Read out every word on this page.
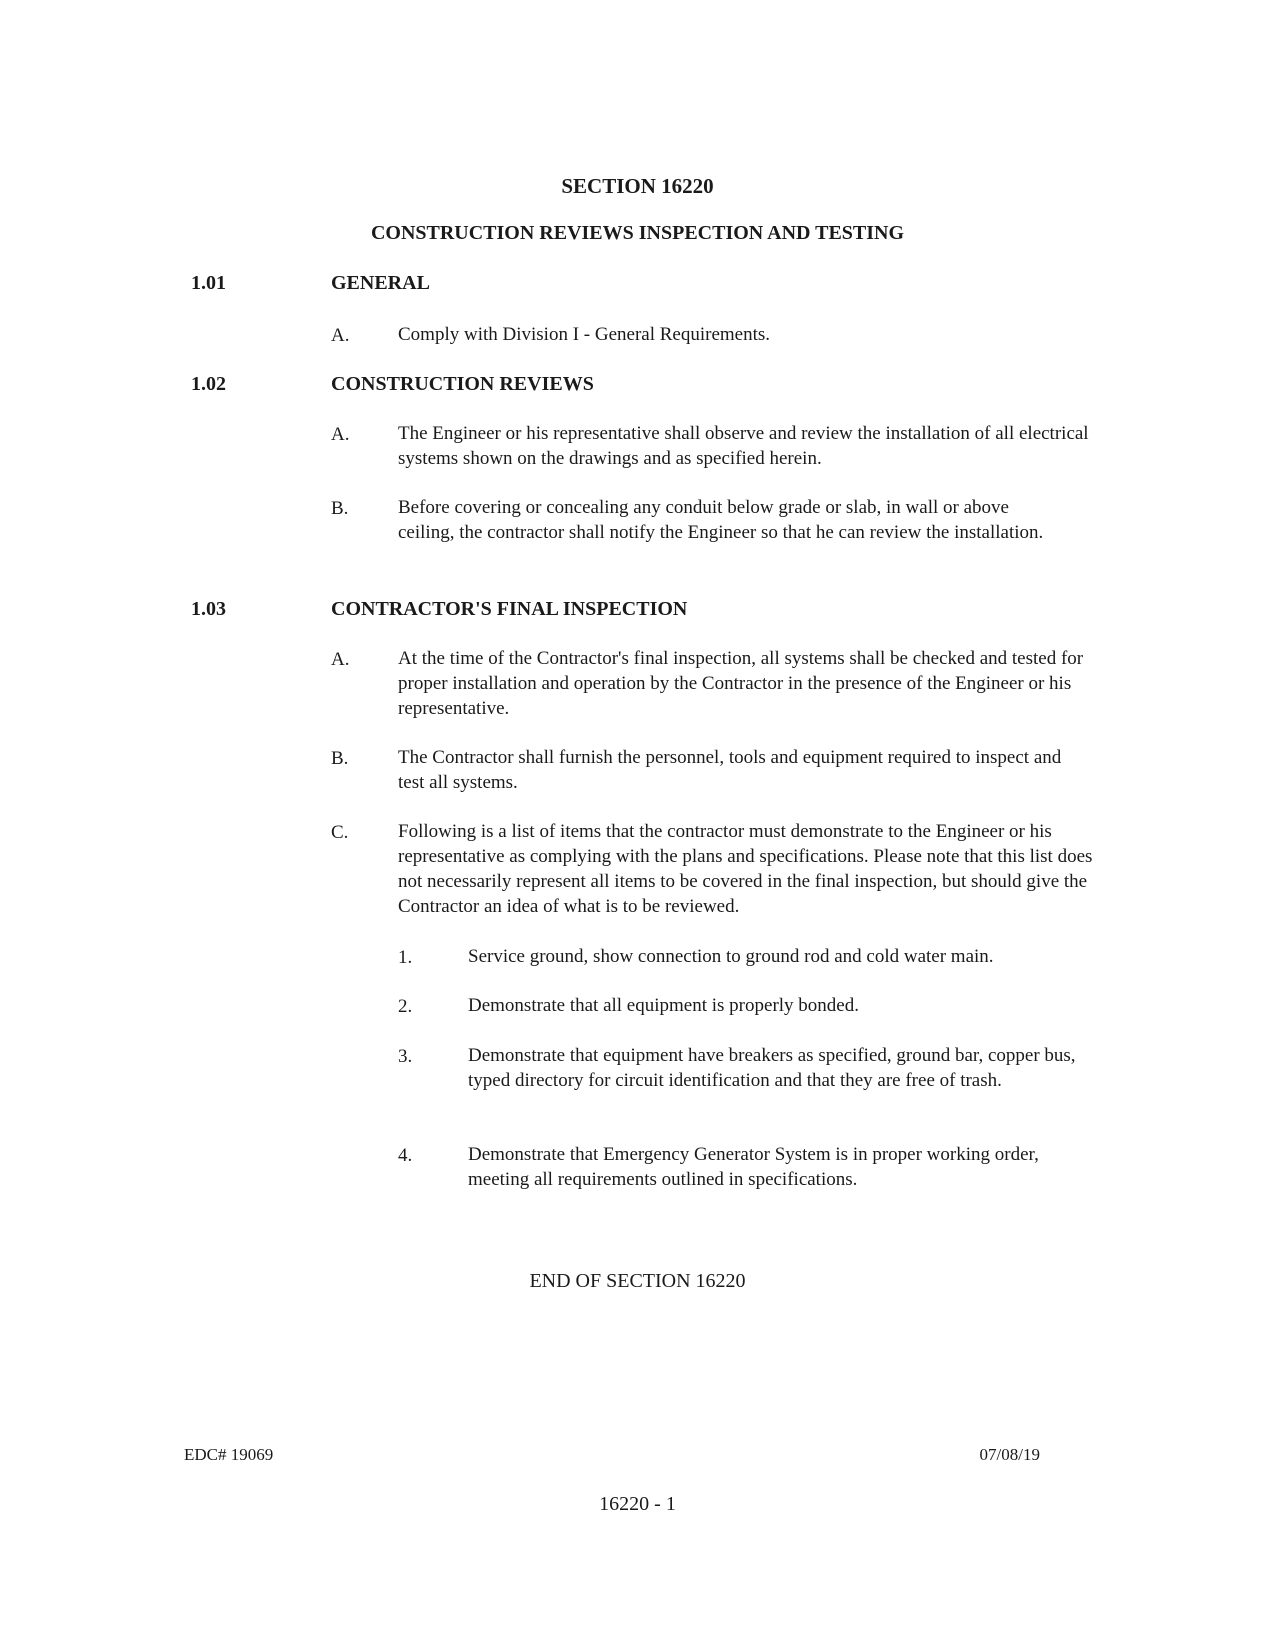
SECTION 16220
CONSTRUCTION REVIEWS INSPECTION AND TESTING
1.01	GENERAL
A.	Comply with Division I - General Requirements.
1.02	CONSTRUCTION REVIEWS
A.	The Engineer or his representative shall observe and review the installation of all electrical systems shown on the drawings and as specified herein.
B.	Before covering or concealing any conduit below grade or slab, in wall or above ceiling, the contractor shall notify the Engineer so that he can review the installation.
1.03	CONTRACTOR'S FINAL INSPECTION
A.	At the time of the Contractor's final inspection, all systems shall be checked and tested for proper installation and operation by the Contractor in the presence of the Engineer or his representative.
B.	The Contractor shall furnish the personnel, tools and equipment required to inspect and test all systems.
C.	Following is a list of items that the contractor must demonstrate to the Engineer or his representative as complying with the plans and specifications. Please note that this list does not necessarily represent all items to be covered in the final inspection, but should give the Contractor an idea of what is to be reviewed.
1.	Service ground, show connection to ground rod and cold water main.
2.	Demonstrate that all equipment is properly bonded.
3.	Demonstrate that equipment have breakers as specified, ground bar, copper bus, typed directory for circuit identification and that they are free of trash.
4.	Demonstrate that Emergency Generator System is in proper working order, meeting all requirements outlined in specifications.
END OF SECTION 16220
EDC# 19069	07/08/19
16220 - 1
